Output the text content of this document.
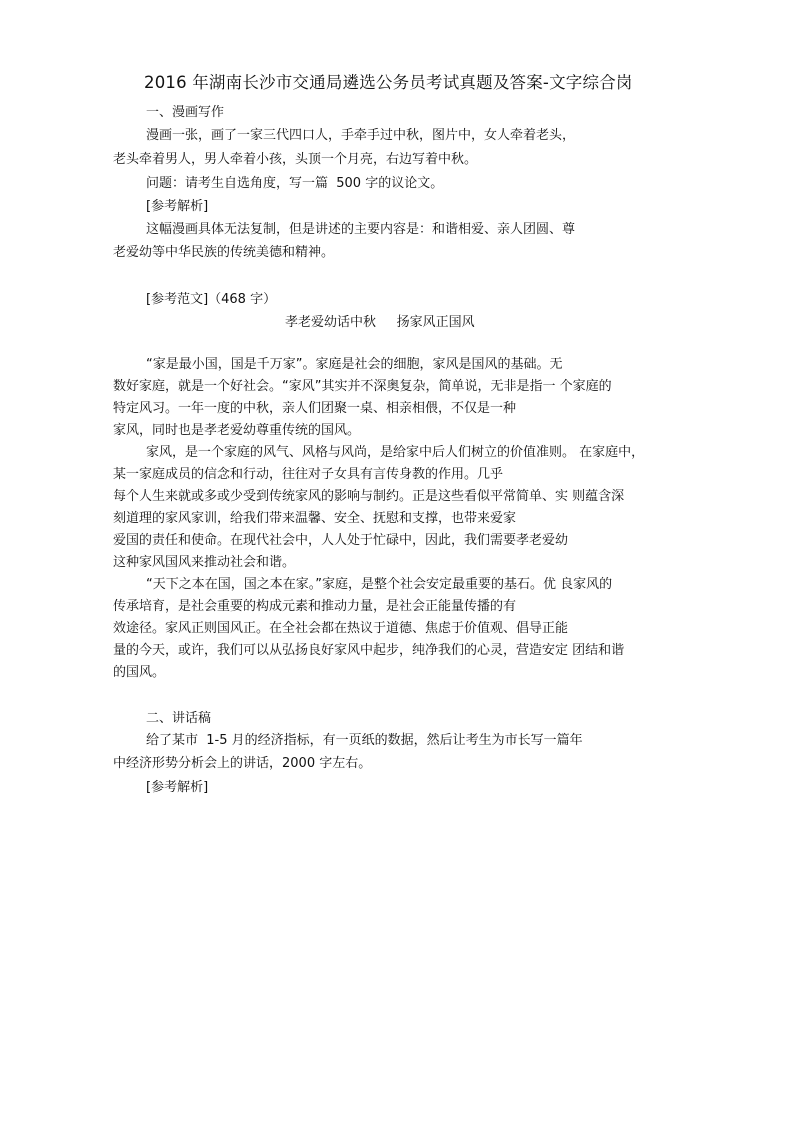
2016 年湖南长沙市交通局遴选公务员考试真题及答案-文字综合岗
一、漫画写作
漫画一张，画了一家三代四口人，手牵手过中秋，图片中，女人牵着老头，
老头牵着男人，男人牵着小孩，头顶一个月亮，右边写着中秋。
问题：请考生自选角度，写一篇  500 字的议论文。
[参考解析]
这幅漫画具体无法复制，但是讲述的主要内容是：和谐相爱、亲人团圆、尊
老爱幼等中华民族的传统美德和精神。
[参考范文]（468 字）
孝老爱幼话中秋     扬家风正国风
“家是最小国，国是千万家”。家庭是社会的细胞，家风是国风的基础。无
数好家庭，就是一个好社会。“家风”其实并不深奥复杂，简单说，无非是指一 个家庭的
特定风习。一年一度的中秋，亲人们团聚一桌、相亲相偎，不仅是一种
家风，同时也是孝老爱幼尊重传统的国风。
家风，是一个家庭的风气、风格与风尚，是给家中后人们树立的价值准则。 在家庭中，
某一家庭成员的信念和行动，往往对子女具有言传身教的作用。几乎
每个人生来就或多或少受到传统家风的影响与制约。正是这些看似平常简单、实 则蕴含深
刻道理的家风家训，给我们带来温馨、安全、抚慰和支撑，也带来爱家
爱国的责任和使命。在现代社会中，人人处于忙碌中，因此，我们需要孝老爱幼
这种家风国风来推动社会和谐。
“天下之本在国，国之本在家。”家庭，是整个社会安定最重要的基石。优 良家风的
传承培育，是社会重要的构成元素和推动力量，是社会正能量传播的有
效途径。家风正则国风正。在全社会都在热议于道德、焦虑于价值观、倡导正能
量的今天，或许，我们可以从弘扬良好家风中起步，纯净我们的心灵，营造安定 团结和谐
的国风。
二、讲话稿
给了某市  1-5 月的经济指标，有一页纸的数据，然后让考生为市长写一篇年
中经济形势分析会上的讲话，2000 字左右。
[参考解析]
